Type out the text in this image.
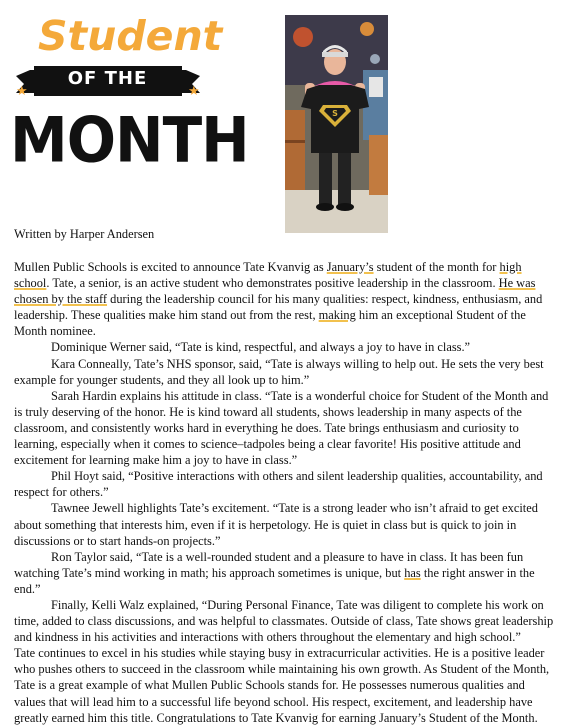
Student
OF THE
★	★
MONTH	S
Written by Harper Andersen

Mullen Public Schools is excited to announce Tate Kvanvig as January’s student of the month for high school. Tate, a senior, is an active student who demonstrates positive leadership in the classroom. He was chosen by the staff during the leadership council for his many qualities: respect, kindness, enthusiasm, and leadership. These qualities make him stand out from the rest, making him an exceptional Student of the Month nominee.

Dominique Werner said, “Tate is kind, respectful, and always a joy to have in class.”

Kara Conneally, Tate’s NHS sponsor, said, “Tate is always willing to help out. He sets the very best example for younger students, and they all look up to him.”

Sarah Hardin explains his attitude in class. “Tate is a wonderful choice for Student of the Month and is truly deserving of the honor. He is kind toward all students, shows leadership in many aspects of the classroom, and consistently works hard in everything he does. Tate brings enthusiasm and curiosity to learning, especially when it comes to science–tadpoles being a clear favorite! His positive attitude and excitement for learning make him a joy to have in class.”

Phil Hoyt said, “Positive interactions with others and silent leadership qualities, accountability, and respect for others.”

Tawnee Jewell highlights Tate’s excitement. “Tate is a strong leader who isn’t afraid to get excited about something that interests him, even if it is herpetology. He is quiet in class but is quick to join in discussions or to start hands-on projects.”

Ron Taylor said, “Tate is a well-rounded student and a pleasure to have in class. It has been fun watching Tate’s mind working in math; his approach sometimes is unique, but has the right answer in the end.”

Finally, Kelli Walz explained, “During Personal Finance, Tate was diligent to complete his work on time, added to class discussions, and was helpful to classmates. Outside of class, Tate shows great leadership and kindness in his activities and interactions with others throughout the elementary and high school.”

Tate continues to excel in his studies while staying busy in extracurricular activities. He is a positive leader who pushes others to succeed in the classroom while maintaining his own growth. As Student of the Month, Tate is a great example of what Mullen Public Schools stands for. He possesses numerous qualities and values that will lead him to a successful life beyond school. His respect, excitement, and leadership have greatly earned him this title. Congratulations to Tate Kvanvig for earning January’s Student of the Month.
